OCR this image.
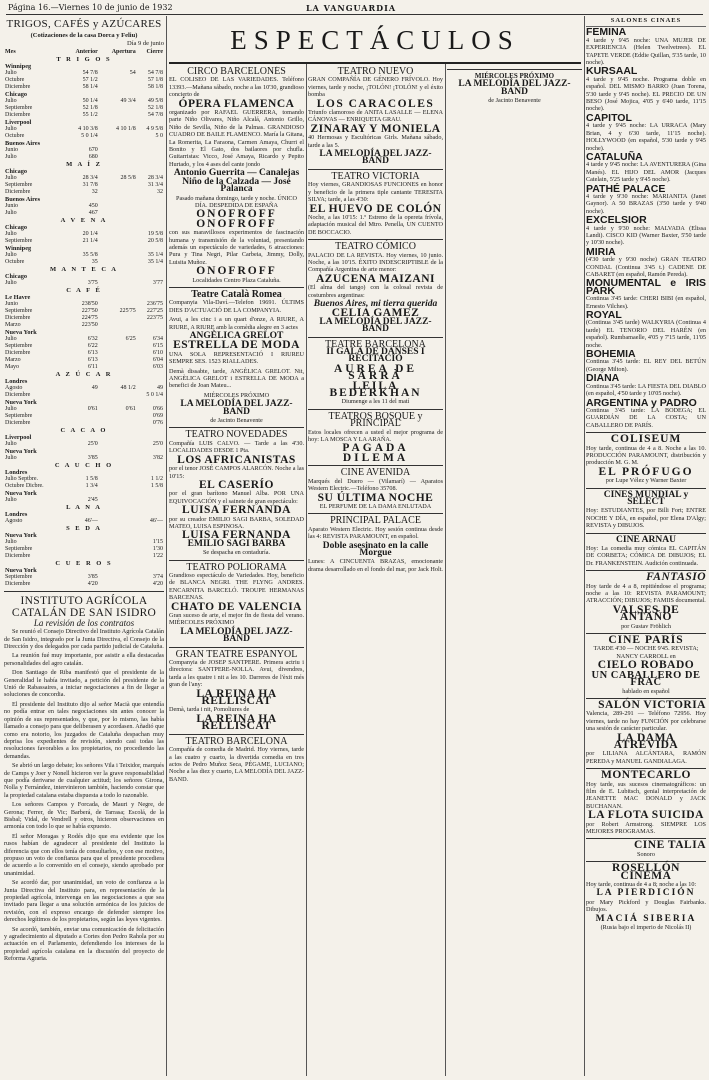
Página 16.—Viernes 10 de junio de 1932	LA VANGUARDIA
ESPECTÁCULOS
TRIGOS, CAFÉS y AZÚCARES
(Cotizaciones de la casa Dorca y Feliu)
Día 9 de junio
Mes	Anterior	Apertura	Cierre
T R I G O S			
Winnipeg			
Julio	54 7/8	54	54 7/8
Octubre	57 1/2		57 1/8
Diciembre	58 1/4		58 1/8
Chicago			
Julio	50 1/4	49 3/4	49 5/8
Septiembre	52 1/8		52 1/8
Diciembre	55 1/2		54 7/8
Liverpool			
Julio	4 10 3/8	4 10 1/8	4 9 5/8
Octubre	5 0 1/4		5 0
Buenos Aires			
Junio	670		
Julio	680		
M A Í Z			
Chicago			
Julio	28 3/4	28 5/8	28 3/4
Septiembre	31 7/8		31 3/4
Diciembre	32		32
Buenos Aires			
Junio	450		
Julio	467		
A V E N A			
Chicago			
Julio	20 1/4		19 5/8
Septiembre	21 1/4		20 5/8
Winnipeg			
Julio	35 5/8		35 1/4
Octubre	35		35 1/4
M A N T E C A			
Chicago			
Julio	3'75		3'77
C A F É			
Le Havre			
Junio	238'50		236'75
Septiembre	227'50	225'75	227'25
Diciembre	224'75		223'75
Marzo	223'50		
Nueva York			
Julio	6'32	6'25	6'34
Septiembre	6'22		6'15
Diciembre	6'13		6'10
Marzo	6'13		6'04
Mayo	6'11		6'03
A Z Ú C A R			
Londres			
Agosto	49	48 1/2	49
Diciembre			5 0 1/4
Nueva York			
Julio	0'61	0'61	0'66
Septiembre			0'69
Diciembre			0'76
C A C A O			
Liverpool			
Julio	25'0		25'0
Nueva York			
Julio	3'85		3'82
C A U C H O			
Londres			
Julio Septbre.	1 5/8		1 1/2
Octubre Dicbre.	1 3/4		1 5/8
Nueva York			
Julio	2'45		
L A N A			
Londres			
Agosto	46'—		46'—
S E D A			
Nueva York			
Julio			1'15
Septiembre			1'30
Diciembre			1'22
C U E R O S			
Nueva York			
Septiembre	3'85		3'74
Diciembre	4'20		4'20
INSTITUTO AGRÍCOLA CATALÁN DE SAN ISIDRO
La revisión de los contratos

Se reunió el Consejo Directivo del Instituto Agrícola Catalán de San Isidro, integrado por la Junta Directiva, el Consejo de la Dirección y dos delegados por cada partido judicial de Cataluña.

La reunión fué muy importante, por asistir a ella destacadas personalidades del agro catalán.

Don Santiago de Riba manifestó que el presidente de la Generalidad le había invitado, a petición del presidente de la Unió de Rabassaires, a iniciar negociaciones a fin de llegar a soluciones de concordia.

El presidente del Instituto dijo al señor Macià que entendía no podía entrar en tales negociaciones sin antes conocer la opinión de sus representados, y que, por lo mismo, las había llamado a consejo para que deliberasen y acordasen. Añadió que como era notorio, los juzgados de Cataluña despachan muy deprisa los expedientes de revisión, siendo casi todas las resoluciones favorables a los propietarios, no procediendo las demandas.

Se abrió un largo debate; los señores Vila i Teixidor, marqués de Camps y Joer y Nonell hicieron ver la grave responsabilidad que podía derivarse de cualquier actitud; los señores Girona, Nolla y Fernández, intervinieron también, haciendo constar que la propiedad catalana estaba dispuesta a todo lo razonable.

Los señores Campos y Forcada, de Mauri y Negre, de Gerona; Ferrer, de Vic; Barberá, de Tarrasa; Escolá, de la Bisbal; Vidal, de Vendrell y otros, hicieron observaciones en armonía con todo lo que se había expuesto.

El señor Moragas y Rodés dijo que era evidente que los rusos habían de agradecer al presidente del Instituto la diferencia que con ellos tenía de consultarlos, y con ese motivo, propuso un voto de confianza para que el presidente procediera de acuerdo a lo convenido en el consejo, siendo aprobado por unanimidad.

Se acordó dar, por unanimidad, un voto de confianza a la Junta Directiva del Instituto para, en representación de la propiedad agrícola, intervenga en las negociaciones a que sea invitado para llegar a una solución armónica de los juicios de revisión, con el expreso encargo de defender siempre los derechos legítimos de los propietarios, según las leyes vigentes.

Se acordó, también, enviar una comunicación de felicitación y agradecimiento al diputado a Cortes don Pedro Rahola por su actuación en el Parlamento, defendiendo los intereses de la propiedad agrícola catalana en la discusión del proyecto de Reforma Agraria.

CIRCO BARCELONÉS

EL COLISEO DE LAS VARIEDADES. Teléfono 13393.—Mañana sábado, noche a las 10'30, grandioso concierto de

ÓPERA FLAMENCA

organizado por RAFAEL GUERRERA, tomando parte Niño Olivares, Niño Alcalá, Antonio Grillo, Niño de Sevilla, Niño de la Palmas. GRANDIOSO CUADRO DE BAILE FLAMENCO. María la Gitana, La Romerita, La Faraona, Carmen Amaya, Churri el Bonito y El Gato, dos bailaores por chufla. Guitarristas: Vicco, José Amaya, Ricardo y Pepito Hurtado, y los 4 ases del cante jondo

Antonio Guerrita — Canalejas
Niño de la Calzada — José Palanca

Pasado mañana domingo, tarde y noche. ÚNICO DÍA. DESPEDIDA DE ESPAÑA

ONOFROFF
ONOFROFF

con sus maravillosos experimentos de fascinación humana y transmisión de la voluntad, presentando además un espectáculo de variedades, 6 atracciones: Pura y Tina Negri, Pilar Carbeia, Jimmy, Dolly, Luisita Muñoz.

ONOFROFF

Localidades Centro Plaza Cataluña.

Teatre Català Romea

Companyia Vila-Daví.—Telefon 19691. ÚLTIMS DIES D'ACTUACIÓ DE LA COMPANYIA.

Avui, a les cinc i a un quart d'onze, A RIURE, A RIURE, A RIURE amb la comèdia alegre en 3 actes

ANGÈLICA GRELOT
ESTRELLA DE MODA

UNA SOLA REPRESENTACIÓ I RIUREU SEMPRE SES. 1523 RIALLADES.

Demà dissabte, tarde, ANGÈLICA GRELOT. Nit, ANGÈLICA GRELOT i ESTRELLA DE MODA a benefici de Joan Mateu...

MIÉRCOLES PRÓXIMO

LA MELODÍA DEL JAZZ-BAND

de Jacinto Benavente

TEATRO NOVEDADES

Compañía LUIS CALVO. — Tarde a las 4'30. LOCALIDADES DESDE 1 Pta.

LOS AFRICANISTAS

por el tenor JOSÉ CAMPOS ALARCÓN. Noche a las 10'15:

EL CASERÍO

por el gran barítono Manuel Alba. POR UNA EQUIVOCACIÓN y el sainete de gran espectáculo:

LUISA FERNANDA

por su creador EMILIO SAGI BARBA, SOLEDAD MATEO, LUISA ESPINOSA.

LUISA FERNANDA
EMILIO SAGI BARBA

Se despacha en contaduría.

TEATRO POLIORAMA

Grandioso espectáculo de Variedades. Hoy, beneficio de BLANCA NEGRI. THE FLYNG ANDRES. ENCARNITA BARCELÓ. TROUPE HERMANAS BARCENAS.

CHATO DE VALENCIA

Gran suceso de arte, el mejor fin de fiesta del verano. MIÉRCOLES PRÓXIMO

LA MELODÍA DEL JAZZ-BAND
GRAN TEATRE ESPANYOL

Companyia de JOSEP SANTPERE. Primera actriu i directora: SANTPERE-NOLLA. Avui, divendres, tarda a les quatre i nit a les 10. Darreres de l'èxit més gran de l'any:

LA REINA HA RELLISCAT

Demà, tarda i nit, Pomoliures de

LA REINA HA RELLISCAT
TEATRO BARCELONA

Compañía de comedia de Madrid. Hoy viernes, tarde a las cuatro y cuarto, la divertida comedia en tres actos de Pedro Muñoz Seca, PÉGAME, LUCIANO; Noche a las diez y cuarto, LA MELODÍA DEL JAZZ-BAND.

TEATRO NUEVO

GRAN COMPAÑÍA DE GÉNERO FRÍVOLO. Hoy viernes, tarde y noche, ¡TOLÓN! ¡TOLÓN! y el éxito bomba

LOS CARACOLES

Triunfo clamoroso de ANITA LASALLE — ELENA CÁNOVAS — ENRIQUETA GRAU.

ZINARAY Y MONIELA

40 Hermosas y Escultóricas Girls. Mañana sábado, tarde a las 5.

LA MELODÍA DEL JAZZ-BAND
TEATRO VICTORIA

Hoy viernes, GRANDIOSAS FUNCIONES en honor y beneficio de la primera tiple cantante TERESITA SILVA; tarde, a las 4'30:

EL HUEVO DE COLÓN

Noche, a las 10'15: 1.º Estreno de la opereta frívola, adaptación musical del Mtro. Penella, UN CUENTO DE BOCCACIO.

TEATRO CÓMICO

PALACIO DE LA REVISTA. Hoy viernes, 10 junio. Noche, a las 10'15. ÉXITO INDESCRIPTIBLE de la Compañía Argentina de arte menor:

AZUCENA MAIZANI

(El alma del tango) con la colosal revista de costumbres argentinas:

Buenos Aires, mi tierra querida
CELIA GAMEZ
LA MELODÍA DEL JAZZ-BAND
TEATRE BARCELONA
II GALA DE DANSES I RECITACIÓ
AUREA DE SARRÀ
LEILA BEDERKHAN

Diumenge a les 11 del matí

TEATROS BOSQUE y PRINCIPAL

Estos locales ofrecen a usted el mejor programa de hoy: LA MOSCA Y LA ARAÑA.

PAGADA
DILEMA
CINE AVENIDA

Marqués del Duero — (Vilamarí) — Aparatos Western Electric.—Teléfono 35708.

SU ÚLTIMA NOCHE

EL PERFUME DE LA DAMA ENLUTADA

PRINCIPAL PALACE

Aparato Western Electric. Hoy sesión continua desde las 4: REVISTA PARAMOUNT, en español.

Doble asesinato en la calle Morgue

Lunes: A CINCUENTA BRAZAS, emocionante drama desarrollado en el fondo del mar, por Jack Holt.

MIÉRCOLES PRÓXIMO
LA MELODÍA DEL JAZZ-BAND

de Jacinto Benavente

SALONES CINAES
FEMINA

4 tarde y 9'45 noche: UNA MUJER DE EXPERIENCIA (Helen Twelvetrees). EL TAPETE VERDE (Eddie Quillan, 5'35 tarde, 10 noche).

KURSAAL

4 tarde y 9'45 noche. Programa doble en español. DEL MISMO BARRO (Juan Torena, 5'30 tarde y 9'45 noche). EL PRECIO DE UN BESO (José Mojica, 4'05 y 6'40 tarde, 11'15 noche).

CAPITOL

4 tarde y 9'45 noche: LA URRACA (Mary Brian, 4 y 6'30 tarde, 11'15 noche). HOLLYWOOD (en español, 5'30 tarde y 9'45 noche).

CATALUÑA

4 tarde y 9'45 noche: LA AVENTURERA (Gina Manés). EL HIJO DEL AMOR (Jacques Catelain, 5'25 tarde y 9'45 noche).

PATHÉ PALACE

4 tarde y 9'30 noche: MARIANITA (Janet Gaynor). A 50 BRAZAS (3'50 tarde y 9'40 noche).

EXCELSIOR

4 tarde y 9'30 noche: MALVADA (Elissa Landi). CISCO KID (Warner Baxter, 5'50 tarde y 10'30 noche).

MIRIA

(4'30 tarde y 9'30 noche) GRAN TEATRO CONDAL (Continua 3'45 t.) CADENE DE CABARET (en español, Ramón Pereda).

MONUMENTAL e IRIS PARK

Continua 3'45 tarde: CHERI BIBI (en español, Ernesto Vilches).

ROYAL

(Continua 3'45 tarde) WALKYRIA (Continua 4 tarde) EL TENORIO DEL HARÉN (en español). Rumbamaelle, 4'05 y 7'15 tarde, 11'05 noche.

BOHEMIA

Continua 3'45 tarde: EL REY DEL BETÚN (George Milton).

DIANA

Continua 3'45 tarde: LA FIESTA DEL DIABLO (en español, 4'50 tarde y 10'05 noche).

ARGENTINA y PADRO

Continua 3'45 tarde: LA BODEGA; EL GUARDIÁN DE LA COSTA; UN CABALLERO DE PARÍS.

COLISEUM

Hoy tarde, continua de 4 a 8. Noche a las 10. PRODUCCIÓN PARAMOUNT, distribución y producción M. G. M.

EL PRÓFUGO

por Lupe Vélez y Warner Baxter

CINES MUNDIAL y SELECT

Hoy: ESTUDIANTES, por Billi Fort; ENTRE NOCHE Y DÍA, en español, por Elena D'Algy; REVISTA y DIBUJOS.

CINE ARNAU

Hoy: La comedia muy cómica EL CAPITÁN DE CORBETA; CÓMICA DE DIBUJOS; EL Dr. FRANKENSTEIN. Audición continuada.

FANTASIO

Hoy tarde de 4 a 8, repitiéndose el programa; noche a las 10: REVISTA PARAMOUNT; ATRACCIÓN; DIBUJOS; FAMIIS documental.

VALSES DE ANTAÑO

por Gustav Fröhlich

CINE PARÍS

TARDE 4'30 — NOCHE 9'45. REVISTA; NANCY CARROLL en

CIELO ROBADO
UN CABALLERO DE FRAC

hablado en español

SALÓN VICTORIA

Valencia, 289-291 — Teléfono 72956. Hoy viernes, tarde no hay FUNCIÓN por celebrarse una sesión de carácter particular.

LA DAMA ATREVIDA

por LILIANA ALCÁNTARA, RAMÓN PEREDA y MANUEL GANDIALAGA.

MONTECARLO

Hoy tarde, sus sucesos cinematográficos: un film de E. Lubitsch, genial interpretación de JEANETTE MAC DONALD y JACK BUCHANAN.

LA FLOTA SUICIDA

por Robert Armstrong. SIEMPRE LOS MEJORES PROGRAMAS.

CINE TALIA

Sonoro

ROSELLÓN CINEMA

Hoy tarde, continua de 4 a 8; noche a las 10:

LA PIERDICIÓN

por Mary Pickford y Douglas Fairbanks. Dibujos.

MACIÁ SIBERIA

(Rusia bajo el imperio de Nicolás II)
